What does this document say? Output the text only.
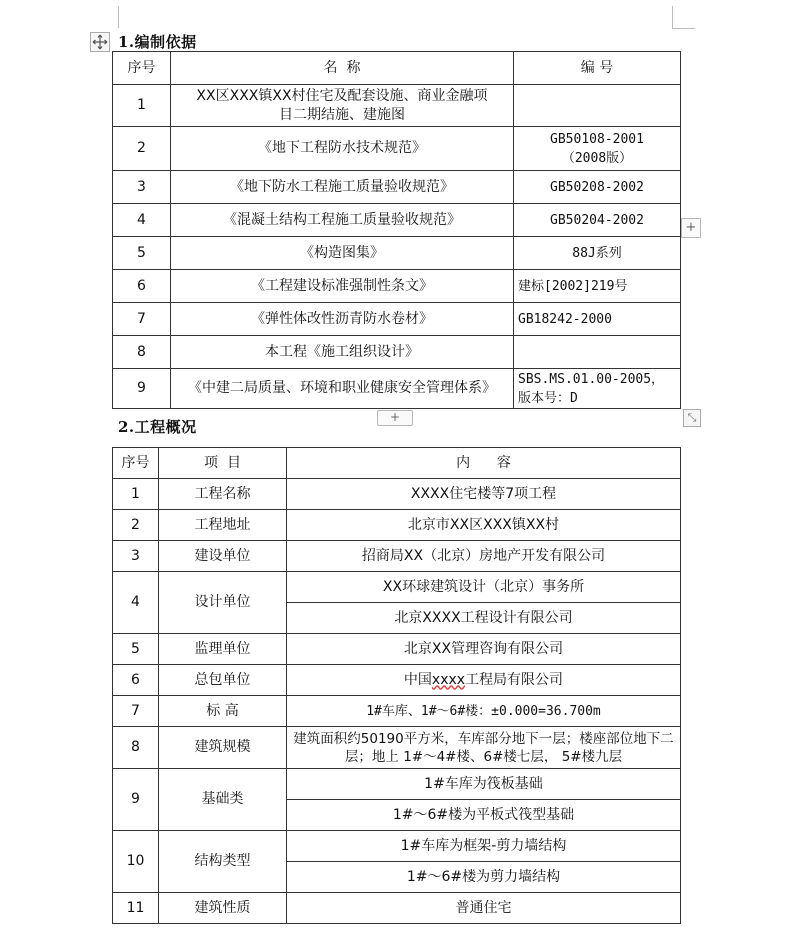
1.编制依据
序号	名  称	编 号
1	XX区XXX镇XX村住宅及配套设施、商业金融项目二期结施、建施图	
2	《地下工程防水技术规范》	GB50108-2001（2008版）
3	《地下防水工程施工质量验收规范》	GB50208-2002
4	《混凝土结构工程施工质量验收规范》	GB50204-2002
5	《构造图集》	88J系列
6	《工程建设标准强制性条文》	建标[2002]219号
7	《弹性体改性沥青防水卷材》	GB18242-2000
8	本工程《施工组织设计》	
9	《中建二局质量、环境和职业健康安全管理体系》	SBS.MS.01.00-2005，版本号：D
+
+	⤡
2.工程概况
序号	项  目	内      容
1	工程名称	XXXX住宅楼等7项工程
2	工程地址	北京市XX区XXX镇XX村
3	建设单位	招商局XX（北京）房地产开发有限公司
4	设计单位	XX环球建筑设计（北京）事务所
		北京XXXX工程设计有限公司
5	监理单位	北京XX管理咨询有限公司
6	总包单位	中国xxxx工程局有限公司
7	标 高	1#车库、1#～6#楼：±0.000=36.700m
8	建筑规模	建筑面积约50190平方米，车库部分地下一层；楼座部位地下二层；地上 1#～4#楼、6#楼七层， 5#楼九层
9	基础类	1#车库为筏板基础
		1#～6#楼为平板式筏型基础
10	结构类型	1#车库为框架-剪力墙结构
		1#～6#楼为剪力墙结构
11	建筑性质	普通住宅
